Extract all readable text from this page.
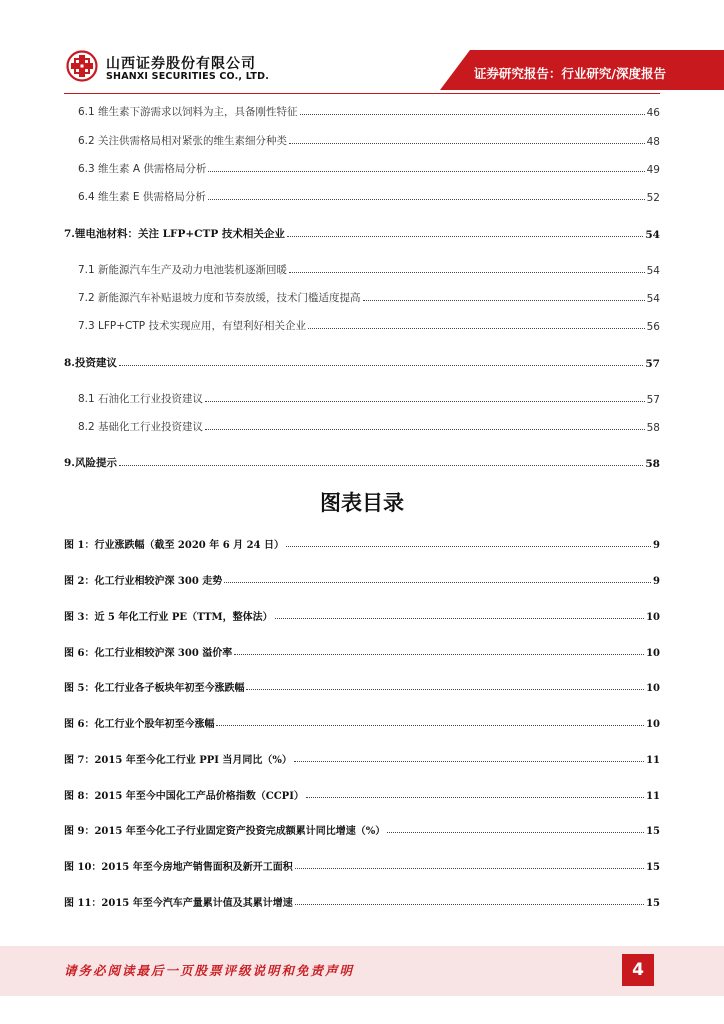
山西证券股份有限公司
SHANXI SECURITIES CO., LTD.	证券研究报告：行业研究/深度报告
6.1 维生素下游需求以饲料为主，具备刚性特征	46
6.2 关注供需格局相对紧张的维生素细分种类	48
6.3 维生素 A 供需格局分析	49
6.4 维生素 E 供需格局分析	52
7.锂电池材料：关注 LFP+CTP 技术相关企业	54
7.1 新能源汽车生产及动力电池装机逐渐回暖	54
7.2 新能源汽车补贴退坡力度和节奏放缓，技术门槛适度提高	54
7.3 LFP+CTP 技术实现应用，有望利好相关企业	56
8.投资建议	57
8.1 石油化工行业投资建议	57
8.2 基础化工行业投资建议	58
9.风险提示	58
图表目录
图 1：行业涨跌幅（截至 2020 年 6 月 24 日）	9
图 2：化工行业相较沪深 300 走势	9
图 3：近 5 年化工行业 PE（TTM，整体法）	10
图 6：化工行业相较沪深 300 溢价率	10
图 5：化工行业各子板块年初至今涨跌幅	10
图 6：化工行业个股年初至今涨幅	10
图 7：2015 年至今化工行业 PPI 当月同比（%）	11
图 8：2015 年至今中国化工产品价格指数（CCPI）	11
图 9：2015 年至今化工子行业固定资产投资完成额累计同比增速（%）	15
图 10：2015 年至今房地产销售面积及新开工面积	15
图 11：2015 年至今汽车产量累计值及其累计增速	15
请务必阅读最后一页股票评级说明和免责声明	4
